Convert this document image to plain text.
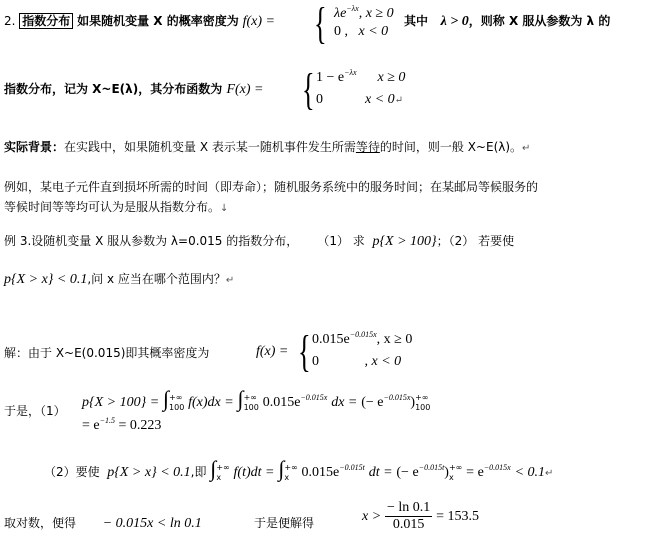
2. 指数分布 如果随机变量 X 的概率密度为 f(x) = { $\lambda e^{-\lambda x}$, x ≥ 0
0 , x < 0
其中 λ > 0，则称 X 服从参数为 λ 的
指数分布，记为 X~E(λ)，其分布函数为 F(x) = { $1 - e^{-\lambda x}$ x ≥ 0
0	x < 0↵
实际背景：在实践中，如果随机变量 X 表示某一随机事件发生所需等待的时间，则一般 X~E(λ)。↵
例如，某电子元件直到损坏所需的时间（即寿命）；随机服务系统中的服务时间；在某邮局等候服务的
等候时间等等均可认为是服从指数分布。↓
例 3.设随机变量 X 服从参数为 λ=0.015 的指数分布， （1） 求 p{X > 100}；（2） 若要使
p{X > x} < 0.1,问 x 应当在哪个范围内？↵
解：由于 X~E(0.015)即其概率密度为	f(x) = { $0.015e^{-0.015x}$, x ≥ 0
0	, x < 0
于是，（1）
p{X > 100} = ∫+∞
100 f(x)dx = ∫+∞
100 $0.015e^{-0.015x}$ dx = (− $e^{-0.015x})+\infty$
100
= $e^{-1.5} = 0.223$
（2）要使 p{X > x} < 0.1,即 ∫+∞
x f(t)dt = ∫+∞
x $0.015e^{-0.015t}$ dt = (− $e^{-0.015t})+\infty$
$x = e^{-0.015x}$ < 0.1↵
取对数，便得 − 0.015x < ln 0.1	于是便解得	$x > \frac{- \ln 0.1}{0.015} = 153.5$
